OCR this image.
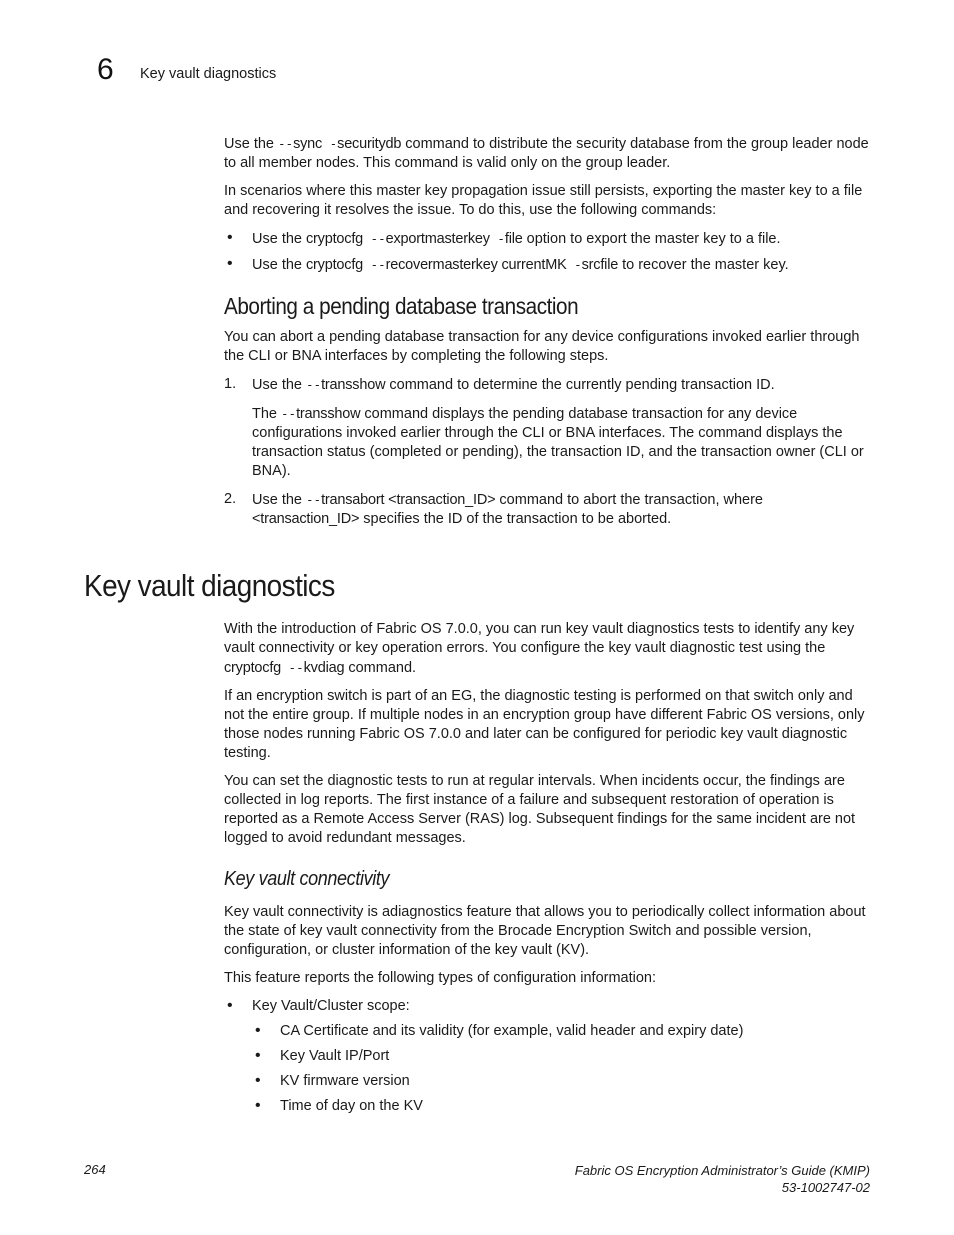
6 Key vault diagnostics

Use the --sync -securitydb command to distribute the security database from the group leader node to all member nodes. This command is valid only on the group leader.

In scenarios where this master key propagation issue still persists, exporting the master key to a file and recovering it resolves the issue. To do this, use the following commands:

• Use the cryptocfg --exportmasterkey -file option to export the master key to a file.
• Use the cryptocfg --recovermasterkey currentMK -srcfile to recover the master key.
Aborting a pending database transaction

You can abort a pending database transaction for any device configurations invoked earlier through the CLI or BNA interfaces by completing the following steps.

1. Use the --transshow command to determine the currently pending transaction ID.

The --transshow command displays the pending database transaction for any device configurations invoked earlier through the CLI or BNA interfaces. The command displays the transaction status (completed or pending), the transaction ID, and the transaction owner (CLI or BNA).

2. Use the --transabort <transaction_ID> command to abort the transaction, where <transaction_ID> specifies the ID of the transaction to be aborted.

Key vault diagnostics

With the introduction of Fabric OS 7.0.0, you can run key vault diagnostics tests to identify any key vault connectivity or key operation errors. You configure the key vault diagnostic test using the cryptocfg --kvdiag command.

If an encryption switch is part of an EG, the diagnostic testing is performed on that switch only and not the entire group. If multiple nodes in an encryption group have different Fabric OS versions, only those nodes running Fabric OS 7.0.0 and later can be configured for periodic key vault diagnostic testing.

You can set the diagnostic tests to run at regular intervals. When incidents occur, the findings are collected in log reports. The first instance of a failure and subsequent restoration of operation is reported as a Remote Access Server (RAS) log. Subsequent findings for the same incident are not logged to avoid redundant messages.

Key vault connectivity

Key vault connectivity is adiagnostics feature that allows you to periodically collect information about the state of key vault connectivity from the Brocade Encryption Switch and possible version, configuration, or cluster information of the key vault (KV).

This feature reports the following types of configuration information:

• Key Vault/Cluster scope:
• CA Certificate and its validity (for example, valid header and expiry date)
• Key Vault IP/Port
• KV firmware version
• Time of day on the KV
264	Fabric OS Encryption Administrator’s Guide (KMIP)
53-1002747-02
